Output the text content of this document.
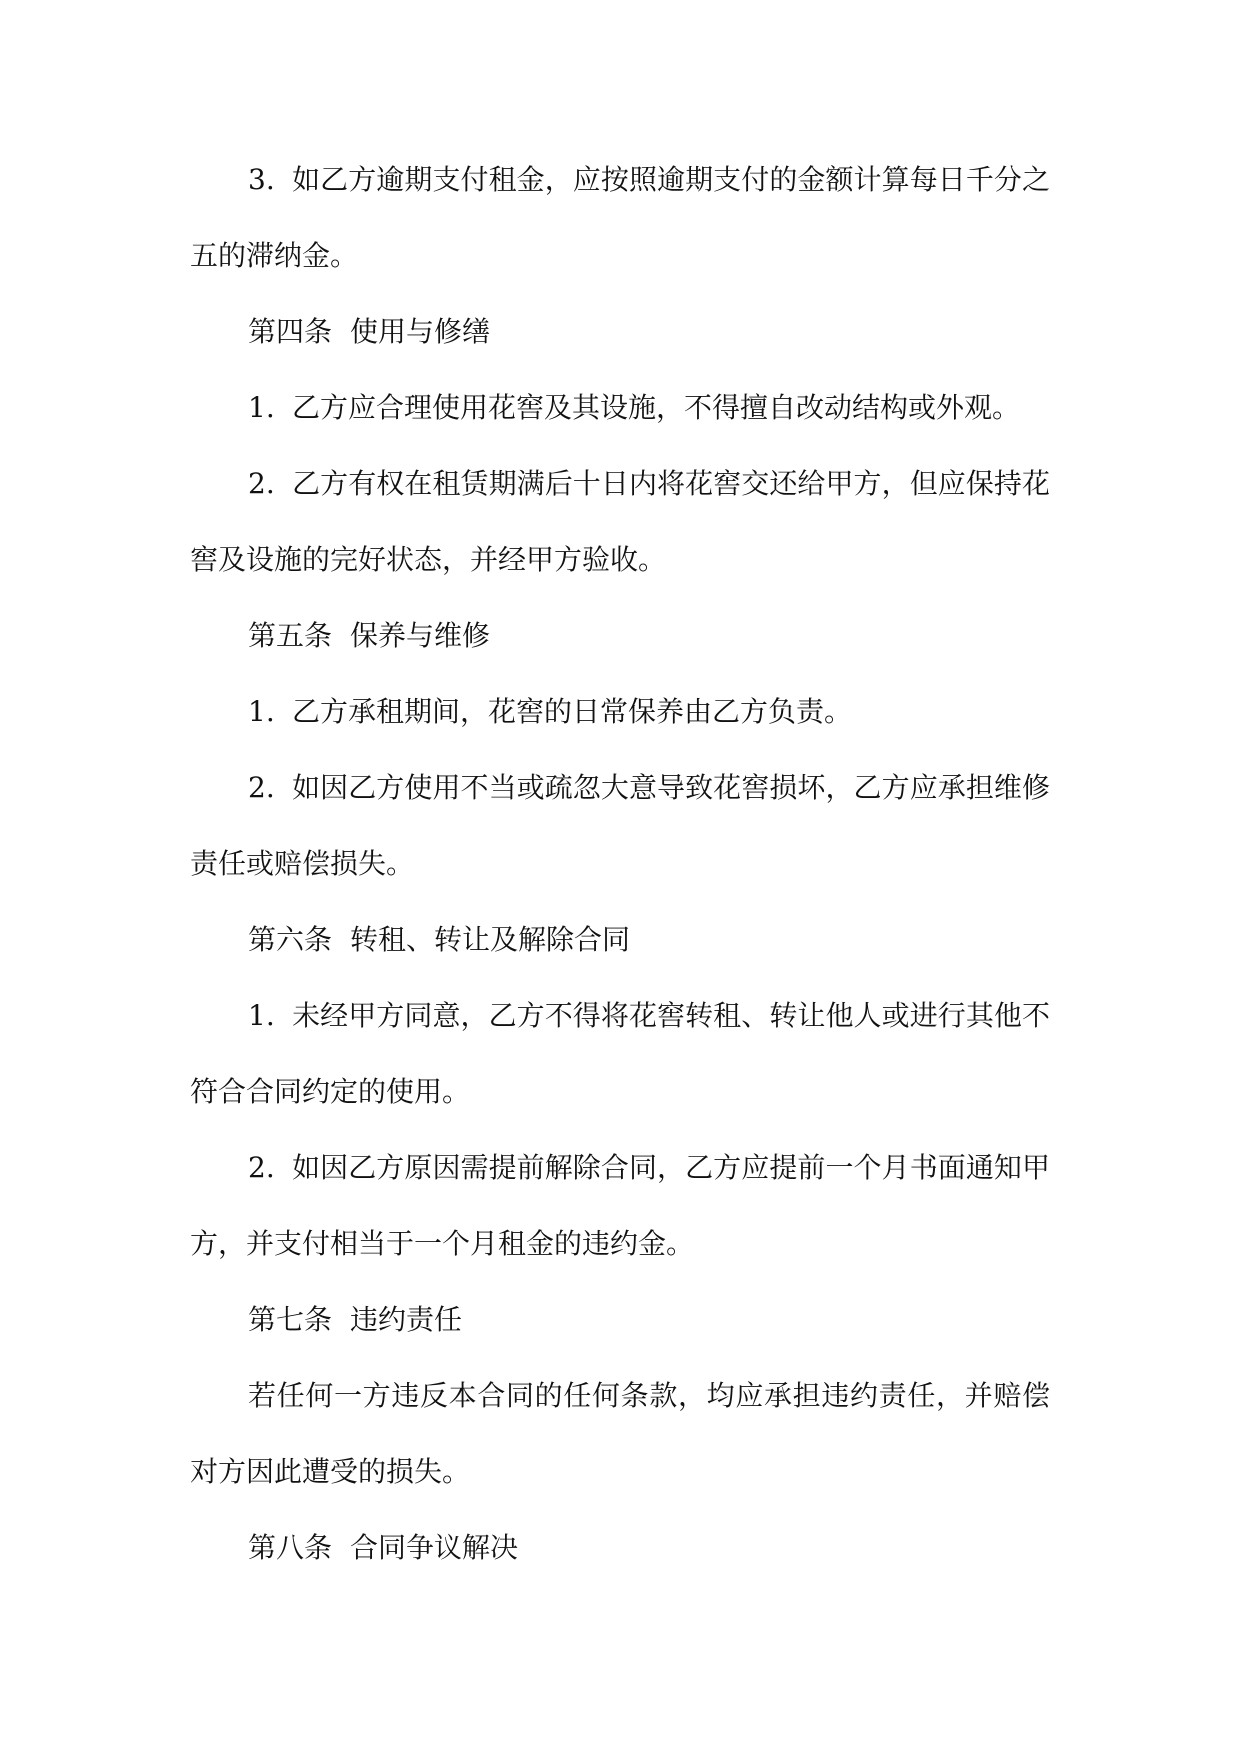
3. 如乙方逾期支付租金，应按照逾期支付的金额计算每日千分之五的滞纳金。

第四条 使用与修缮

1. 乙方应合理使用花窖及其设施，不得擅自改动结构或外观。

2. 乙方有权在租赁期满后十日内将花窖交还给甲方，但应保持花窖及设施的完好状态，并经甲方验收。

第五条 保养与维修

1. 乙方承租期间，花窖的日常保养由乙方负责。

2. 如因乙方使用不当或疏忽大意导致花窖损坏，乙方应承担维修责任或赔偿损失。

第六条 转租、转让及解除合同

1. 未经甲方同意，乙方不得将花窖转租、转让他人或进行其他不符合合同约定的使用。

2. 如因乙方原因需提前解除合同，乙方应提前一个月书面通知甲方，并支付相当于一个月租金的违约金。

第七条 违约责任

若任何一方违反本合同的任何条款，均应承担违约责任，并赔偿对方因此遭受的损失。

第八条 合同争议解决
